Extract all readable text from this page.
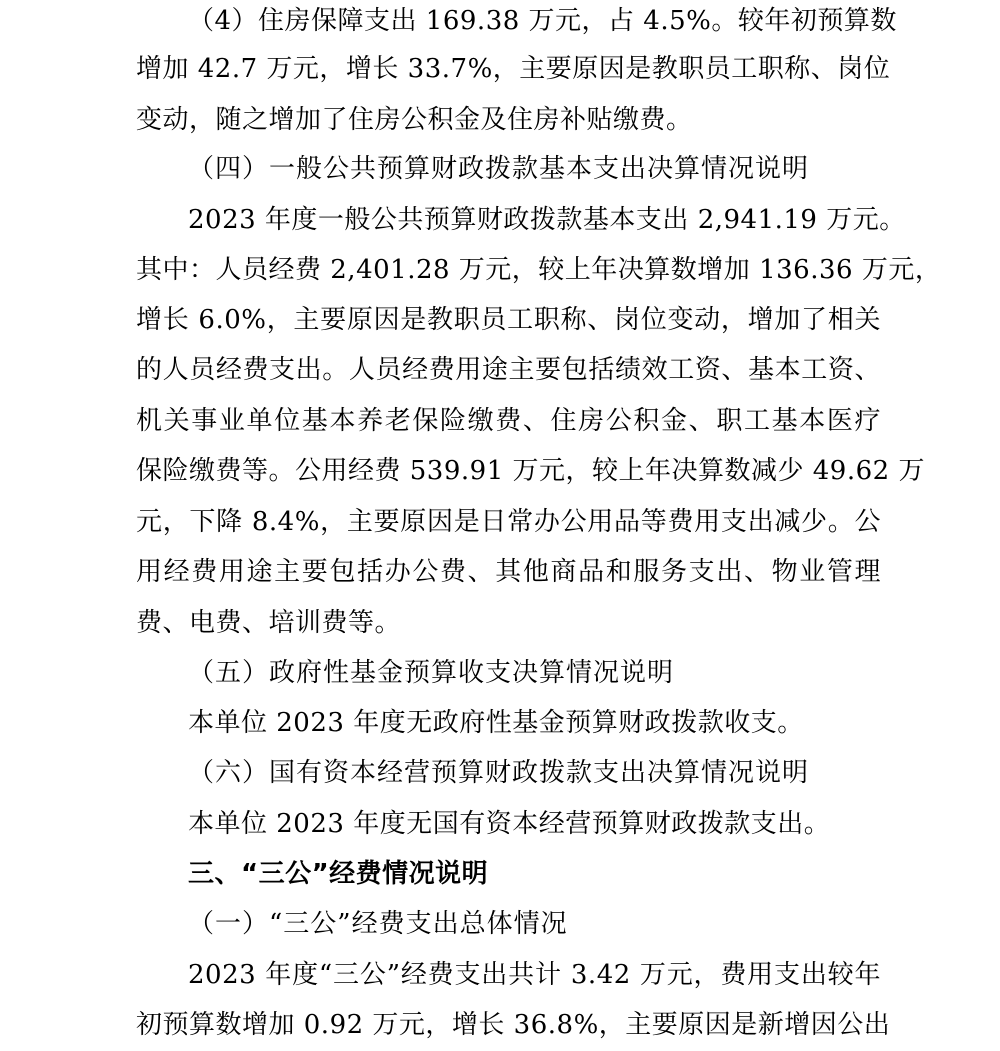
（4）住房保障支出 169.38 万元，占 4.5%。较年初预算数
增加 42.7 万元，增长 33.7%，主要原因是教职员工职称、岗位
变动，随之增加了住房公积金及住房补贴缴费。
（四）一般公共预算财政拨款基本支出决算情况说明
2023 年度一般公共预算财政拨款基本支出 2,941.19 万元。
其中：人员经费 2,401.28 万元，较上年决算数增加 136.36 万元，
增长 6.0%，主要原因是教职员工职称、岗位变动，增加了相关
的人员经费支出。人员经费用途主要包括绩效工资、基本工资、
机关事业单位基本养老保险缴费、住房公积金、职工基本医疗
保险缴费等。公用经费 539.91 万元，较上年决算数减少 49.62 万
元，下降 8.4%，主要原因是日常办公用品等费用支出减少。公
用经费用途主要包括办公费、其他商品和服务支出、物业管理
费、电费、培训费等。
（五）政府性基金预算收支决算情况说明
本单位 2023 年度无政府性基金预算财政拨款收支。
（六）国有资本经营预算财政拨款支出决算情况说明
本单位 2023 年度无国有资本经营预算财政拨款支出。
三、“三公”经费情况说明
（一）“三公”经费支出总体情况
2023 年度“三公”经费支出共计 3.42 万元，费用支出较年
初预算数增加 0.92 万元，增长 36.8%，主要原因是新增因公出
